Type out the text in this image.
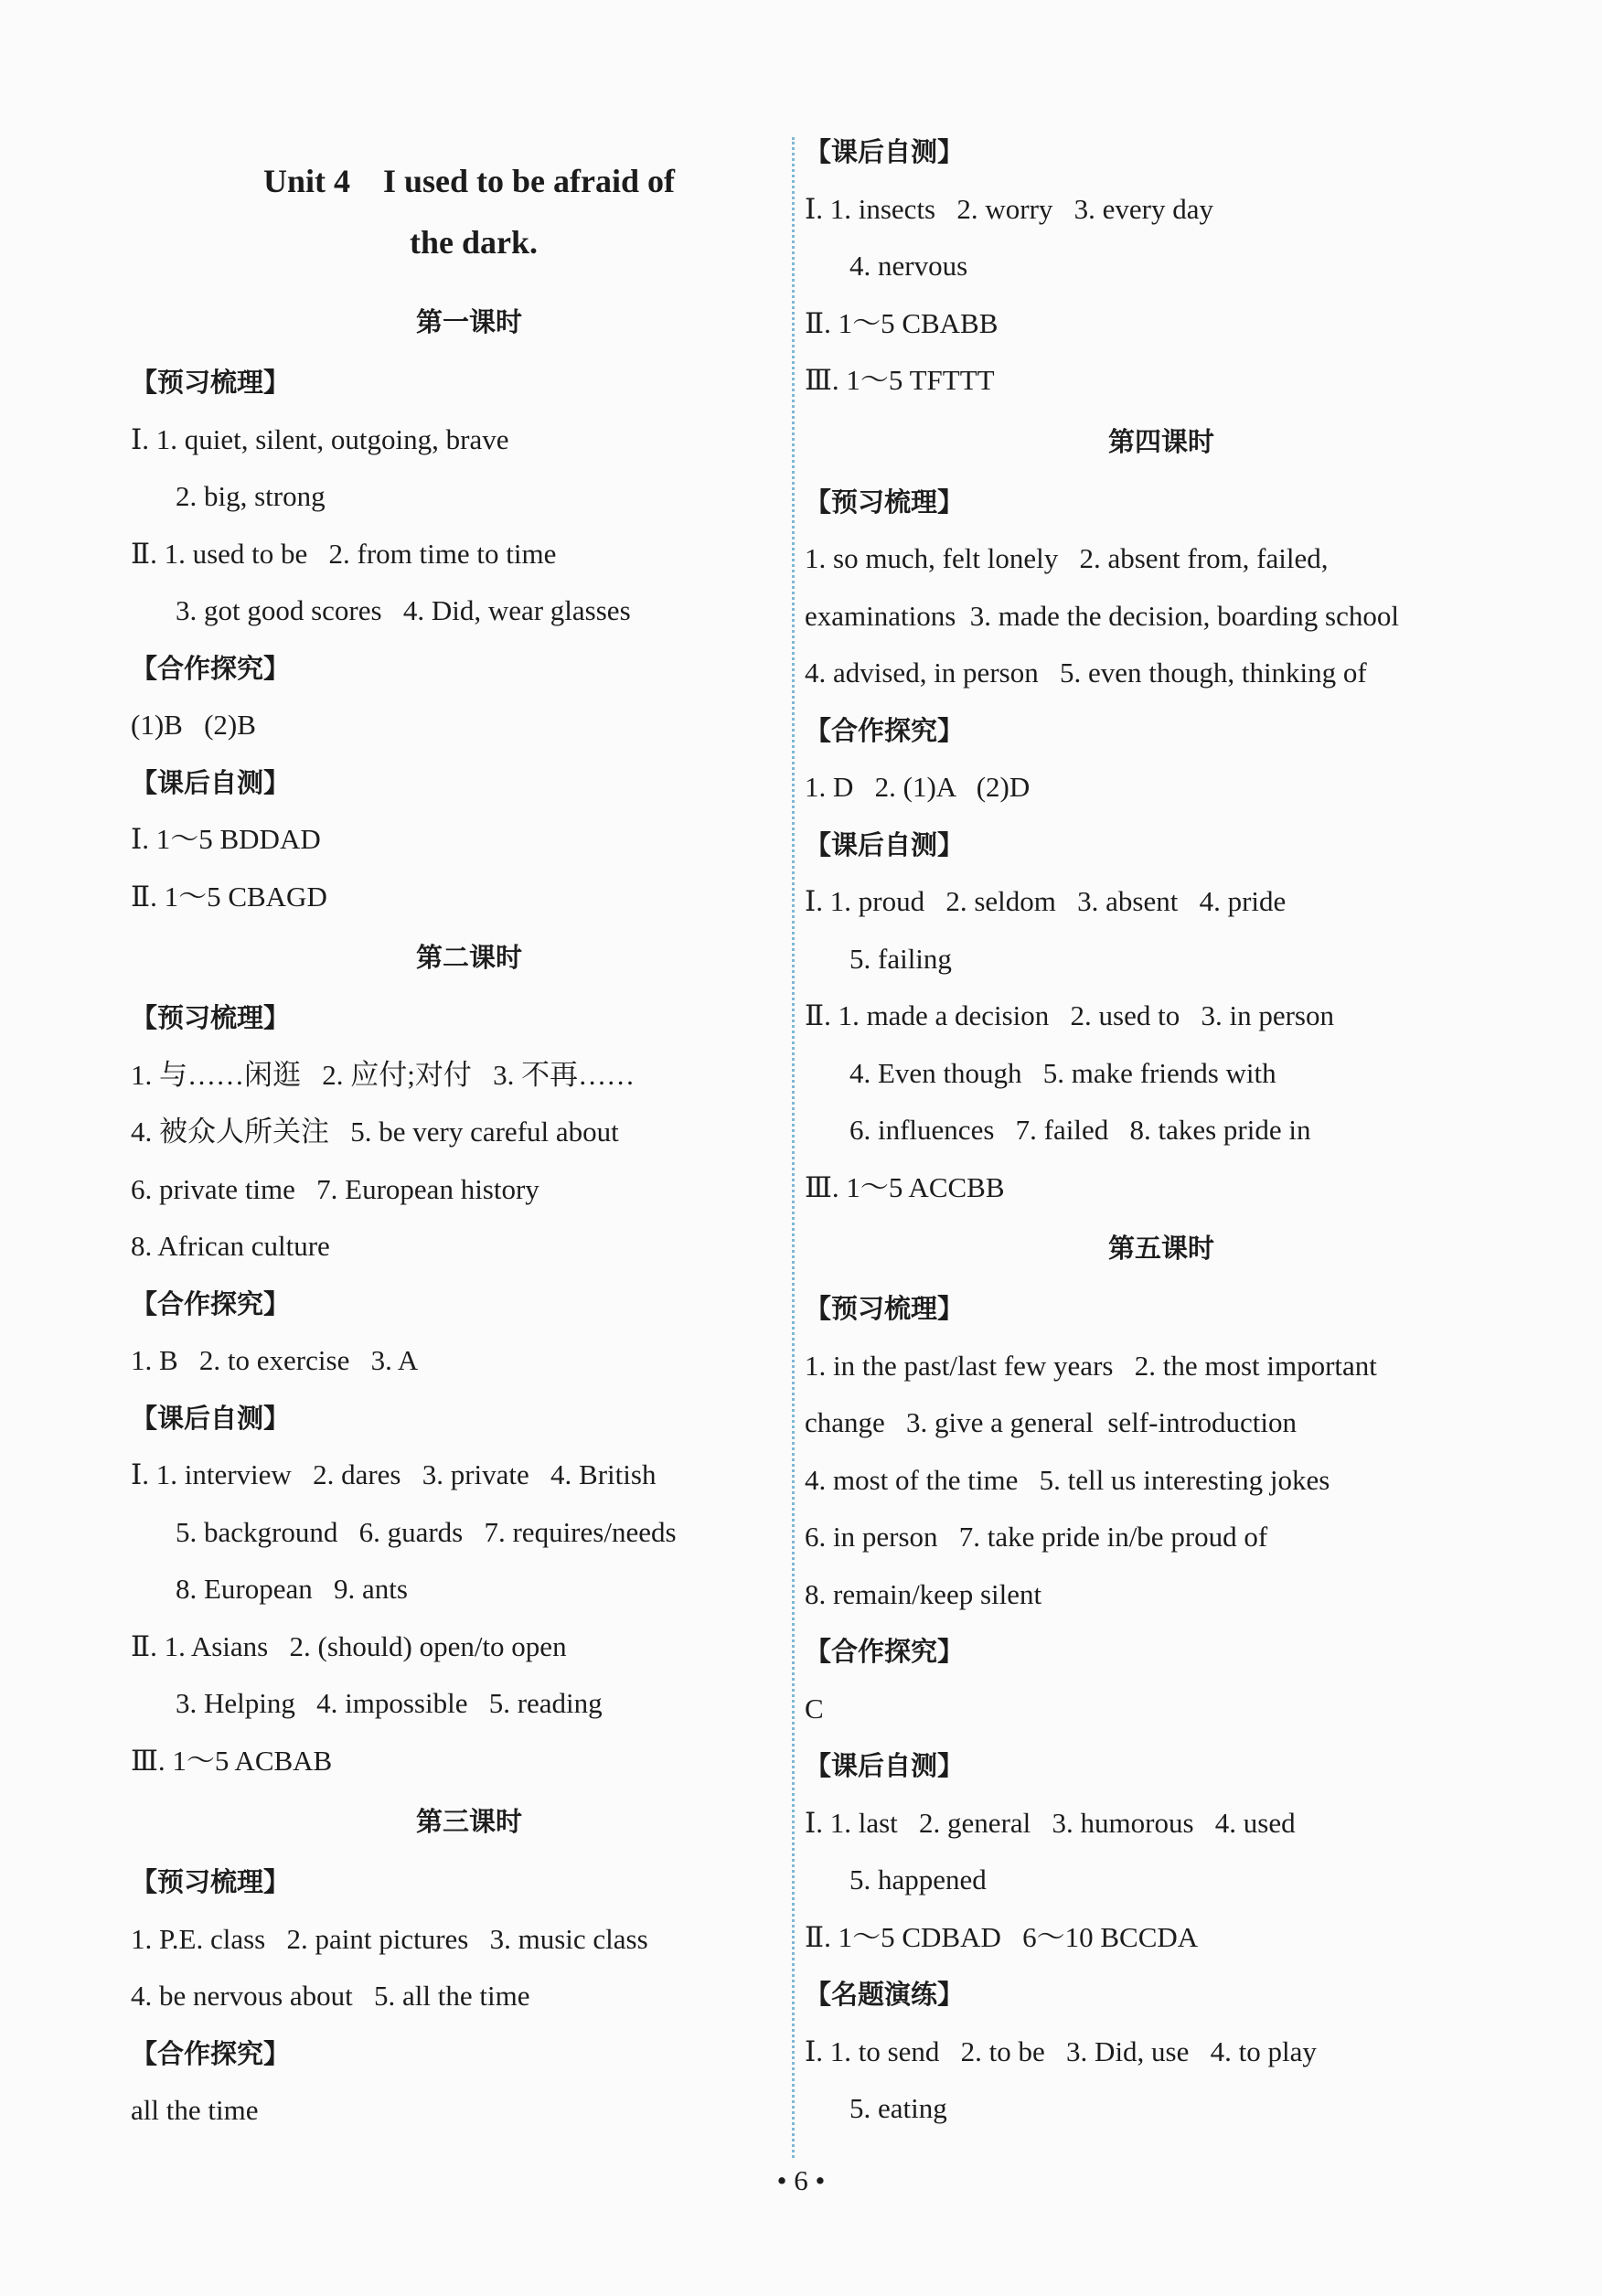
Unit 4    I used to be afraid of
the dark.
第一课时
【预习梳理】
Ⅰ. 1. quiet, silent, outgoing, brave
2. big, strong
Ⅱ. 1. used to be   2. from time to time
3. got good scores   4. Did, wear glasses
【合作探究】
(1)B   (2)B
【课后自测】
Ⅰ. 1～5 BDDAD
Ⅱ. 1～5 CBAGD
第二课时
【预习梳理】
1. 与……闲逛   2. 应付;对付   3. 不再……
4. 被众人所关注   5. be very careful about
6. private time   7. European history
8. African culture
【合作探究】
1. B   2. to exercise   3. A
【课后自测】
Ⅰ. 1. interview   2. dares   3. private   4. British
5. background   6. guards   7. requires/needs
8. European   9. ants
Ⅱ. 1. Asians   2. (should) open/to open
3. Helping   4. impossible   5. reading
Ⅲ. 1～5 ACBAB
第三课时
【预习梳理】
1. P.E. class   2. paint pictures   3. music class
4. be nervous about   5. all the time
【合作探究】
all the time
【课后自测】
Ⅰ. 1. insects   2. worry   3. every day
4. nervous
Ⅱ. 1～5 CBABB
Ⅲ. 1～5 TFTTT
第四课时
【预习梳理】
1. so much, felt lonely   2. absent from, failed,
examinations  3. made the decision, boarding school
4. advised, in person   5. even though, thinking of
【合作探究】
1. D   2. (1)A   (2)D
【课后自测】
Ⅰ. 1. proud   2. seldom   3. absent   4. pride
5. failing
Ⅱ. 1. made a decision   2. used to   3. in person
4. Even though   5. make friends with
6. influences   7. failed   8. takes pride in
Ⅲ. 1～5 ACCBB
第五课时
【预习梳理】
1. in the past/last few years   2. the most important
change   3. give a general  self-introduction
4. most of the time   5. tell us interesting jokes
6. in person   7. take pride in/be proud of
8. remain/keep silent
【合作探究】
C
【课后自测】
Ⅰ. 1. last   2. general   3. humorous   4. used
5. happened
Ⅱ. 1～5 CDBAD   6～10 BCCDA
【名题演练】
Ⅰ. 1. to send   2. to be   3. Did, use   4. to play
5. eating
• 6 •
